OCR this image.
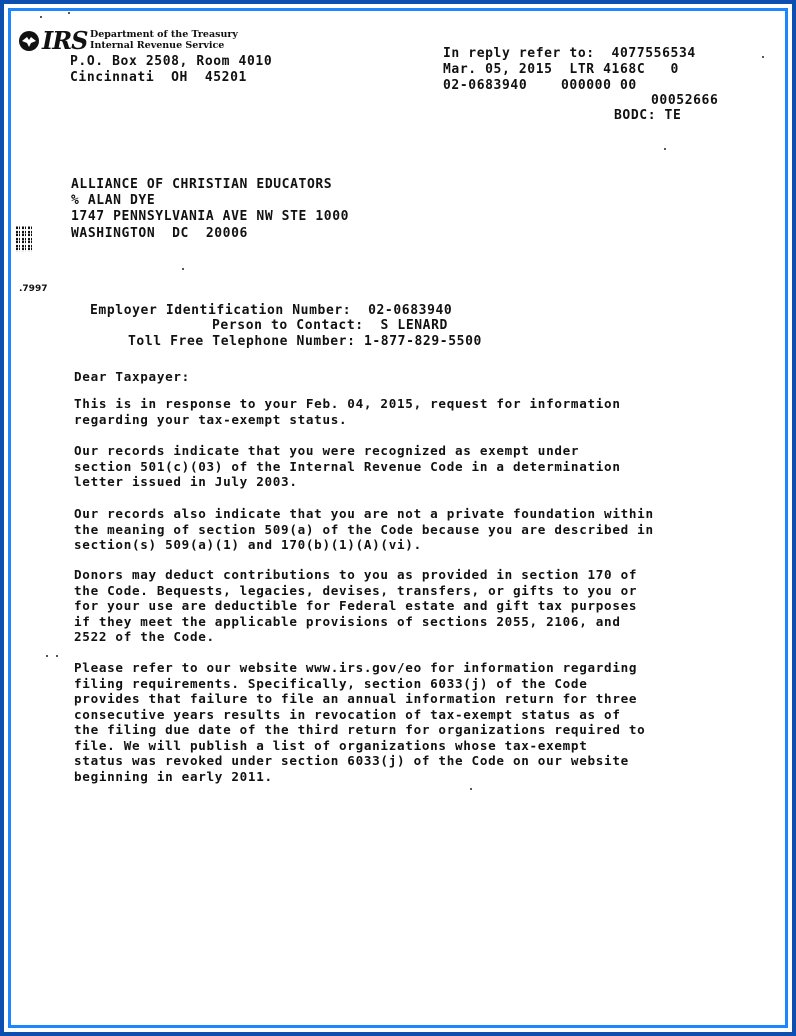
IRS Department of the Treasury
Internal Revenue Service
P.O. Box 2508, Room 4010
Cincinnati  OH  45201
In reply refer to:  4077556534
Mar. 05, 2015  LTR 4168C   0
02-0683940    000000 00
00052666
BODC: TE
ALLIANCE OF CHRISTIAN EDUCATORS
% ALAN DYE
1747 PENNSYLVANIA AVE NW STE 1000
WASHINGTON  DC  20006
.7997
Employer Identification Number:  02-0683940
Person to Contact:  S LENARD
Toll Free Telephone Number: 1-877-829-5500
Dear Taxpayer:
This is in response to your Feb. 04, 2015, request for information
regarding your tax-exempt status.
Our records indicate that you were recognized as exempt under
section 501(c)(03) of the Internal Revenue Code in a determination
letter issued in July 2003.
Our records also indicate that you are not a private foundation within
the meaning of section 509(a) of the Code because you are described in
section(s) 509(a)(1) and 170(b)(1)(A)(vi).
Donors may deduct contributions to you as provided in section 170 of
the Code. Bequests, legacies, devises, transfers, or gifts to you or
for your use are deductible for Federal estate and gift tax purposes
if they meet the applicable provisions of sections 2055, 2106, and
2522 of the Code.
Please refer to our website www.irs.gov/eo for information regarding
filing requirements. Specifically, section 6033(j) of the Code
provides that failure to file an annual information return for three
consecutive years results in revocation of tax-exempt status as of
the filing due date of the third return for organizations required to
file. We will publish a list of organizations whose tax-exempt
status was revoked under section 6033(j) of the Code on our website
beginning in early 2011.
